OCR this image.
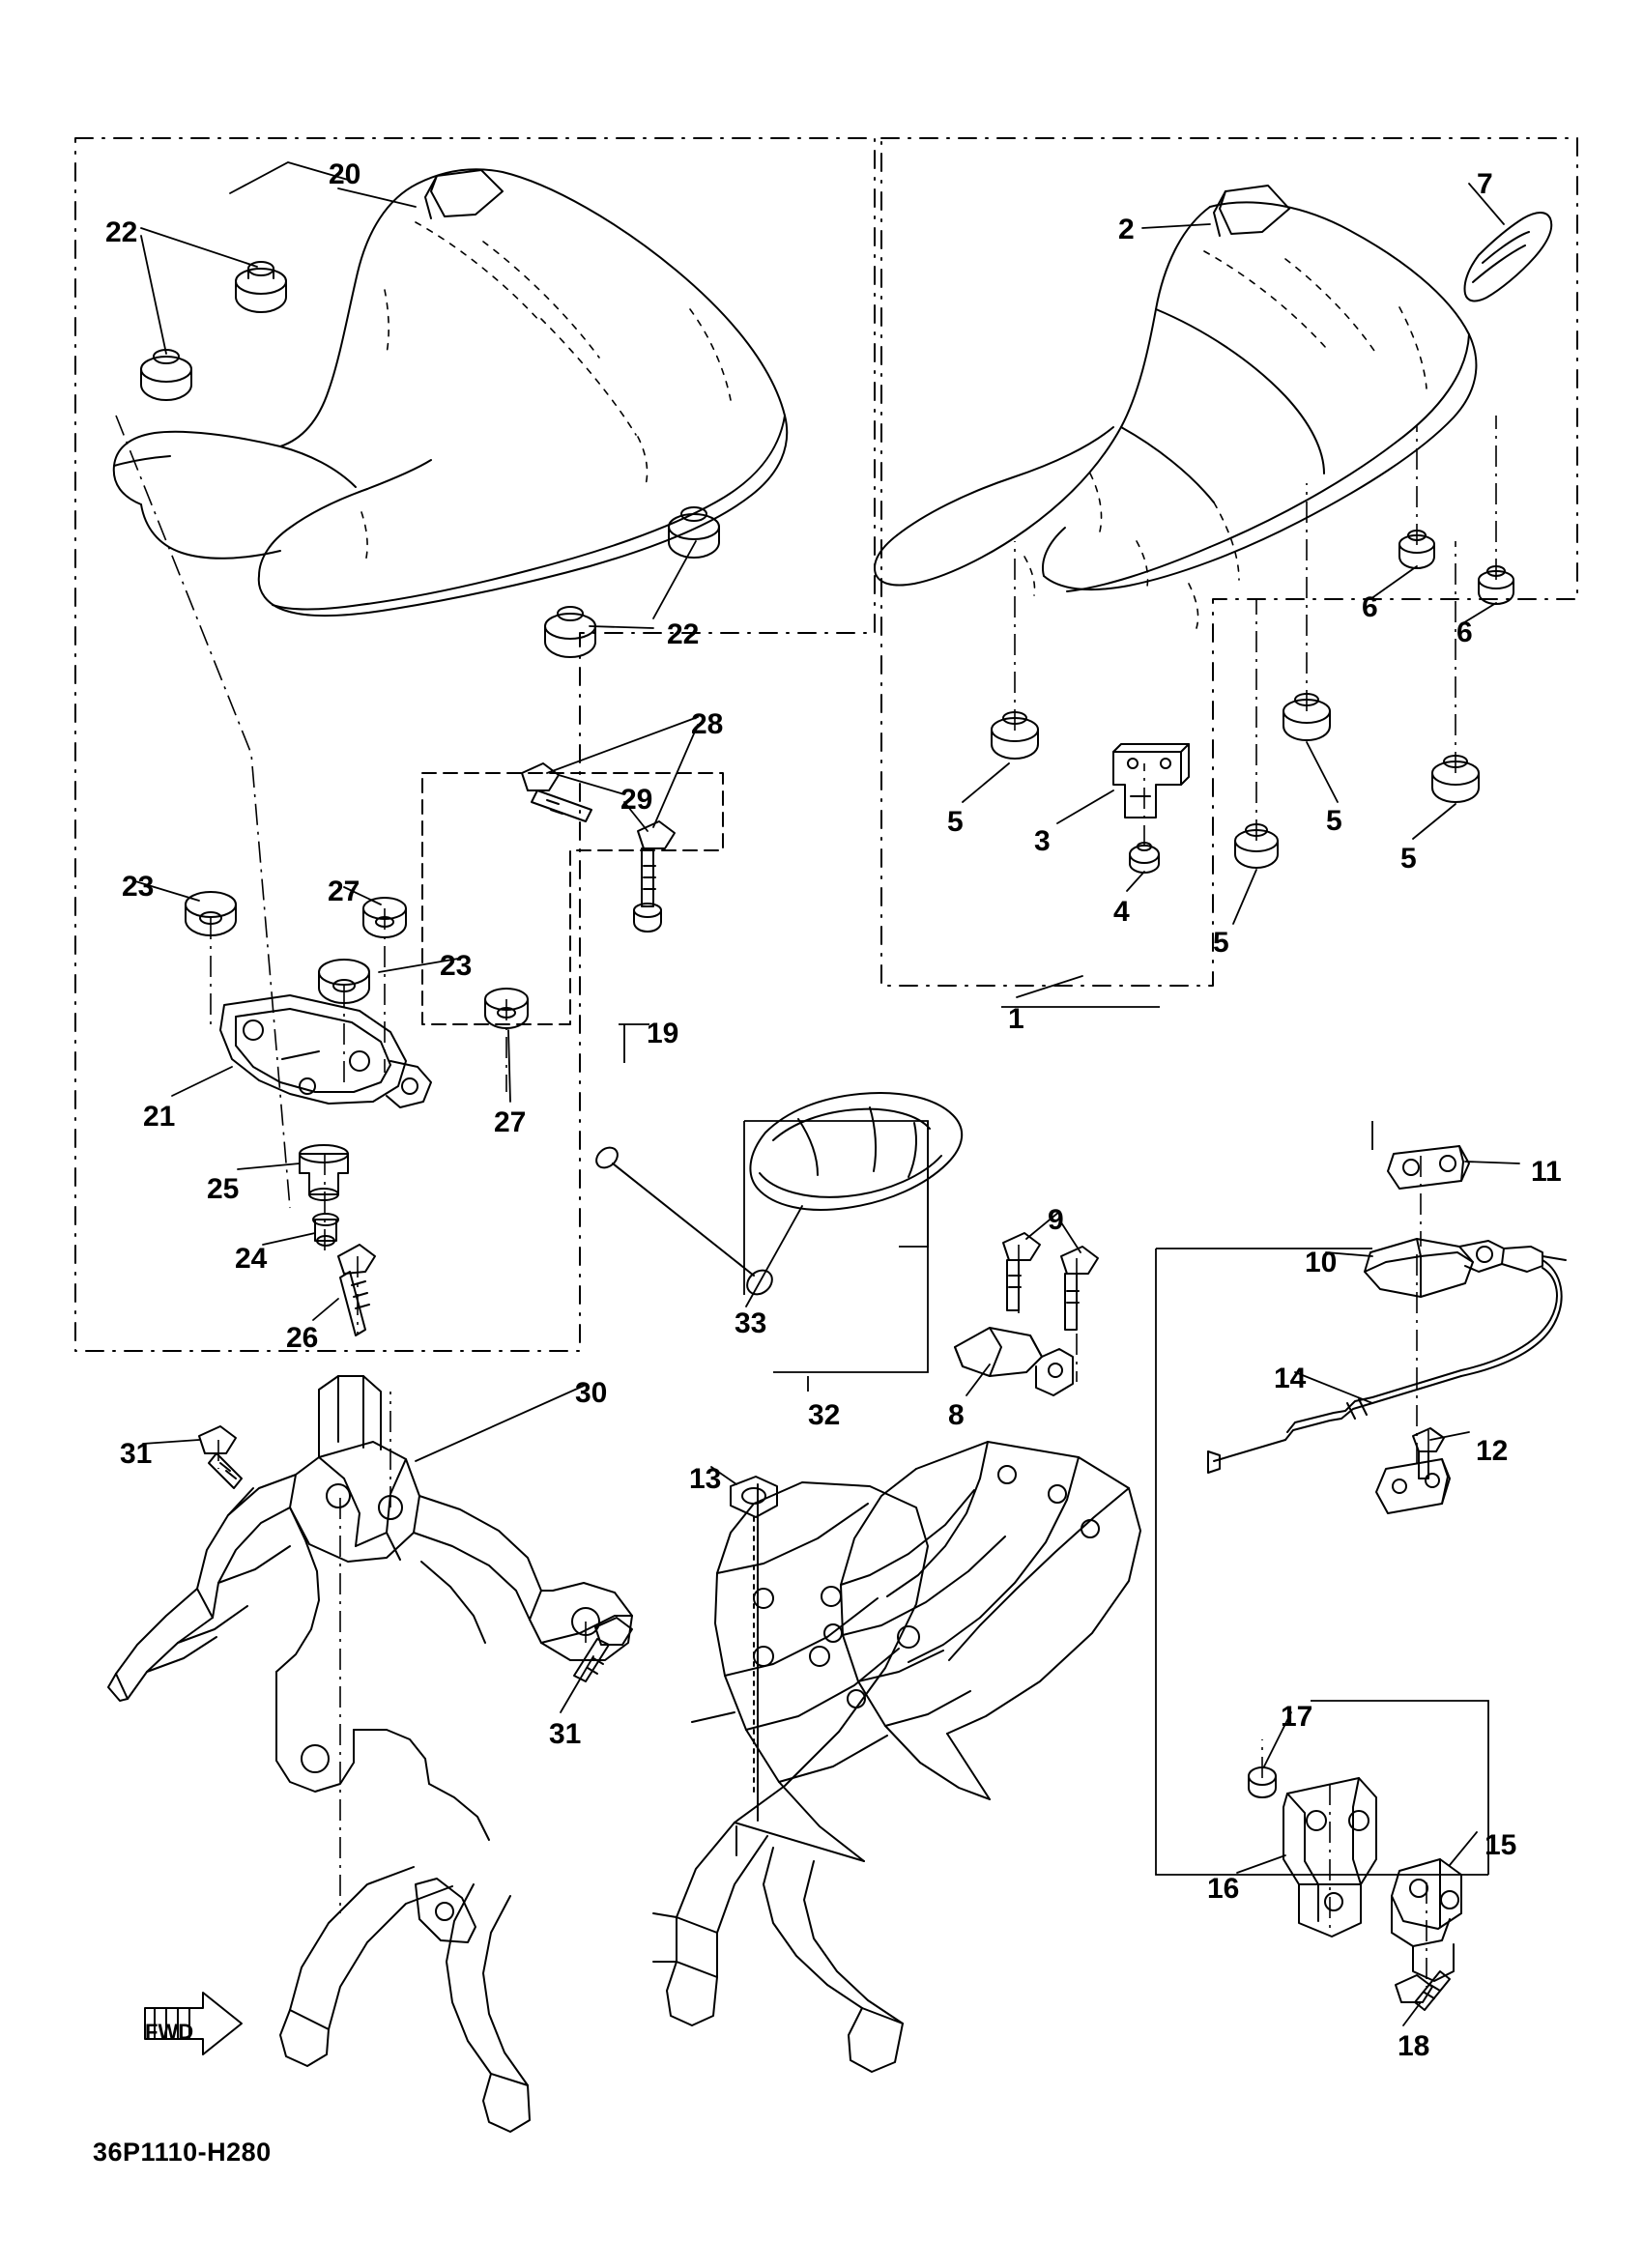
20
22
22
7
2
6
6
5
3
4
5
5
5
1
28
29
27
23
23
27
19
21
25
24
26	33
32
9
8
11
10
14
12
30
31
31
13
17
16
15
18
FWD
36P1110-H280
